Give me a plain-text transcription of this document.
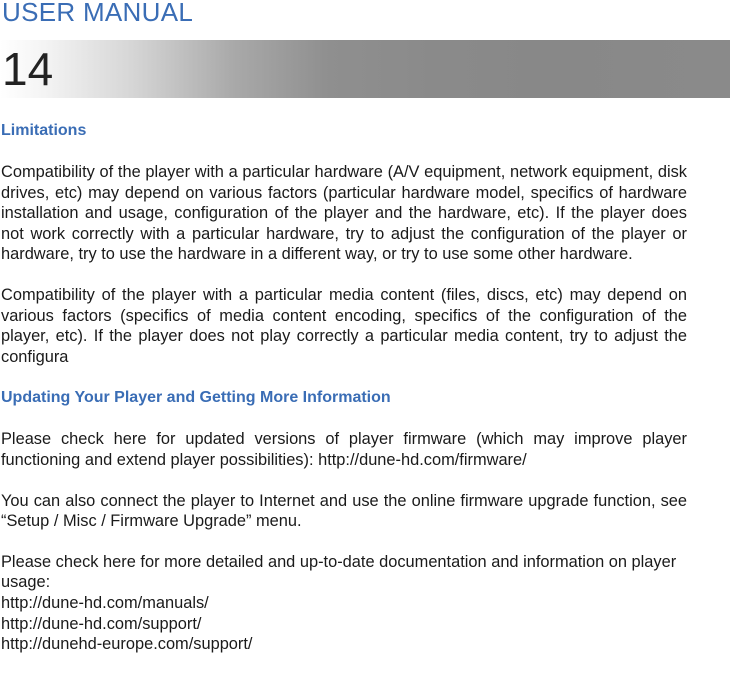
USER MANUAL
14
Limitations

Compatibility of the player with a particular hardware (A/V equipment, network equipment, disk drives, etc) may depend on various factors (particular hardware model, specifics of hardware installation and usage, configuration of the player and the hardware, etc). If the player does not work correctly with a particular hardware, try to adjust the configuration of the player or hardware, try to use the hardware in a different way, or try to use some other hardware.

Compatibility of the player with a particular media content (files, discs, etc) may depend on various factors (specifics of media content encoding, specifics of the configuration of the player, etc). If the player does not play correctly a particular media content, try to adjust the configura

Updating Your Player and Getting More Information

Please check here for updated versions of player firmware (which may improve player functioning and extend player possibilities): http://dune-hd.com/firmware/

You can also connect the player to Internet and use the online firmware upgrade function, see “Setup / Misc / Firmware Upgrade” menu.

Please check here for more detailed and up-to-date documentation and information on player usage:
http://dune-hd.com/manuals/
http://dune-hd.com/support/
http://dunehd-europe.com/support/
